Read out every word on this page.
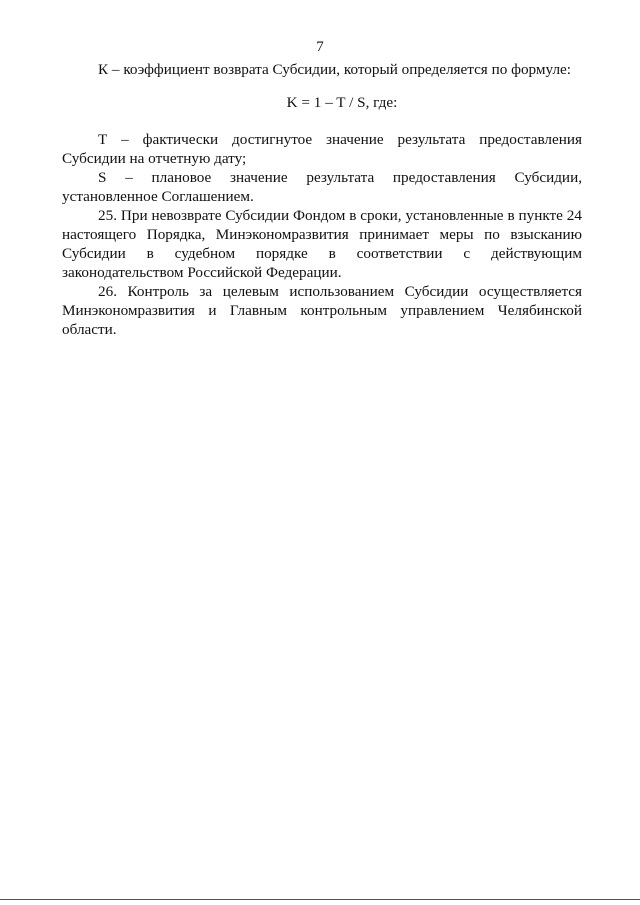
7

К – коэффициент возврата Субсидии, который определяется по формуле:

K = 1 – T / S, где:

Т – фактически достигнутое значение результата предоставления Субсидии на отчетную дату;

S – плановое значение результата предоставления Субсидии, установленное Соглашением.

25. При невозврате Субсидии Фондом в сроки, установленные в пункте 24 настоящего Порядка, Минэкономразвития принимает меры по взысканию Субсидии в судебном порядке в соответствии с действующим законодательством Российской Федерации.

26. Контроль за целевым использованием Субсидии осуществляется Минэкономразвития и Главным контрольным управлением Челябинской области.
